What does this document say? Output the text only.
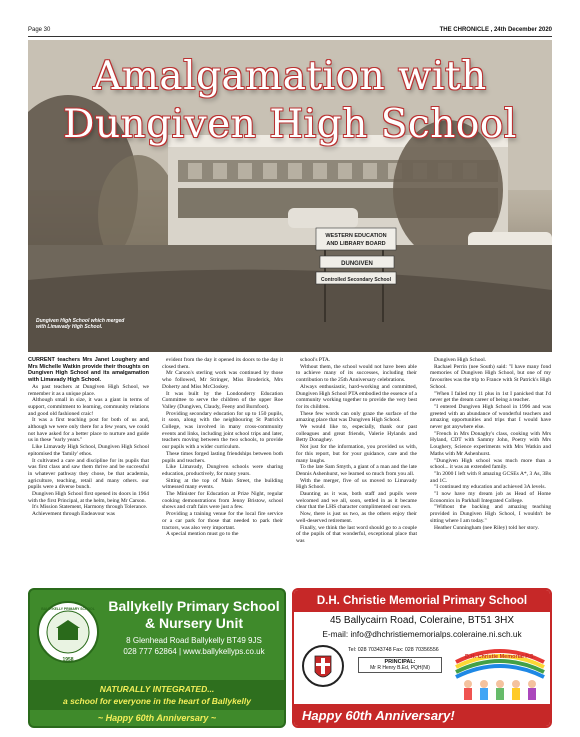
Page 30	THE CHRONICLE , 24th December 2020
WESTERN EDUCATION
AND LIBRARY BOARD
DUNGIVEN
Controlled Secondary School
Amalgamation with
Dungiven High School
Dungiven High School which merged with Limavady High School.

CURRENT teachers Mrs Janet Loughery and Mrs Michelle Watkin provide their thoughts on Dungiven High School and its amalgamation with Limavady High School.

As past teachers at Dungiven High School, we remember it as a unique place.

Although small in size, it was a giant in terms of support, commitment to learning, community relations and good old fashioned craic!

It was a first teaching post for both of us and, although we were only there for a few years, we could not have asked for a better place to nurture and guide us in these "early years."

Like Limavady High School, Dungiven High School epitomised the 'family' ethos.

It cultivated a care and discipline for its pupils that was first class and saw them thrive and be successful in whatever pathway they chose, be that academia, agriculture, teaching, retail and many others. our pupils were a diverse bunch.

Dungiven High School first opened its doors in 1964 with the first Principal, at the helm, being Mr Carson.

It's Mission Statement, Harmony through Tolerance.

Achievement through Endeavour was

evident from the day it opened its doors to the day it closed them.

Mr Carson's sterling work was continued by those who followed, Mr Stringer, Miss Broderick, Mrs Doherty and Miss McCloskey.

It was built by the Londonderry Education Committee to serve the children of the upper Roe Valley (Dungiven, Claudy, Feeny and Burnfoot).

Providing secondary education for up to 150 pupils, it soon, along with the neighbouring St Patrick's College, was involved in many cross-community events and links, including joint school trips and later, teachers moving between the two schools, to provide our pupils with a wider curriculum.

These times forged lasting friendships between both pupils and teachers.

Like Limavady, Dungiven schools were sharing education, productively, for many years.

Sitting at the top of Main Street, the building witnessed many events.

The Minister for Education at Prize Night, regular cooking demonstrations from Jenny Bristow, school shows and craft fairs were just a few.

Providing a training venue for the local fire service or a car park for those that needed to park their tractors, was also very important.

A special mention must go to the

school's PTA.

Without them, the school would not have been able to achieve many of its successes, including their contribution to the 25th Anniversary celebrations.

Always enthusiastic, hard-working and committed, Dungiven High School PTA embodied the essence of a community working together to provide the very best for its children.

These few words can only graze the surface of the amazing place that was Dungiven High School.

We would like to, especially, thank our past colleagues and great friends, Valerie Hylands and Betty Donaghey.

Not just for the information, you provided us with, for this report, but for your guidance, care and the many laughs.

To the late Sam Smyth, a giant of a man and the late Dennis Ashenhurst, we learned so much from you all.

With the merger, five of us moved to Limavady High School.

Daunting as it was, both staff and pupils were welcomed and we all, soon, settled in as it became clear that the LHS character complimented our own.

Now, there is just us two, as the others enjoy their well-deserved retirement.

Finally, we think the last word should go to a couple of the pupils of that wonderful, exceptional place that was

Dungiven High School.

Rachael Perrin (nee South) said: "I have many fond memories of Dungiven High School, but one of my favourites was the trip to France with St Patrick's High School.

"When I failed my 11 plus in 1st I panicked that I'd never get the dream career of being a teacher.

"I entered Dungiven High School in 1996 and was greeted with an abundance of wonderful teachers and amazing opportunities and trips that I would have never got anywhere else.

"French in Mrs Donaghy's class, cooking with Mrs Hyland, CDT with Sammy John, Poetry with Mrs Loughery, Science experiments with Mrs Watkin and Maths with Mr Ashenhurst.

"Dungiven High school was much more than a school... it was an extended family.

"In 2000 I left with 8 amazing GCSEs A*, 3 As, 3Bs and 1C.

"I continued my education and achieved 3A levels.

"I now have my dream job as Head of Home Economics in Parkhall Integrated College.

"Without the backing and amazing teaching provided in Dungiven High School, I wouldn't be sitting where I am today."

Heather Cunningham (nee Riley) told her story.

1958
BALLYKELLY PRIMARY SCHOOL Ballykelly Primary School
& Nursery Unit
8 Glenhead Road Ballykelly BT49 9JS
028 777 62864 | www.ballykellyps.co.uk
NATURALLY INTEGRATED...
a school for everyone in the heart of Ballykelly
~ Happy 60th Anniversary ~
D.H. Christie Memorial Primary School
45 Ballycairn Road, Coleraine, BT51 3HX
E-mail: info@dhchristiememorialps.coleraine.ni.sch.uk
Tel: 028 70343748 Fax: 028 70356556
PRINCIPAL:
Mr R Henry B.Ed, PQH(NI)
D.H. Christie Memorial P.S.
Happy 60th Anniversary!
